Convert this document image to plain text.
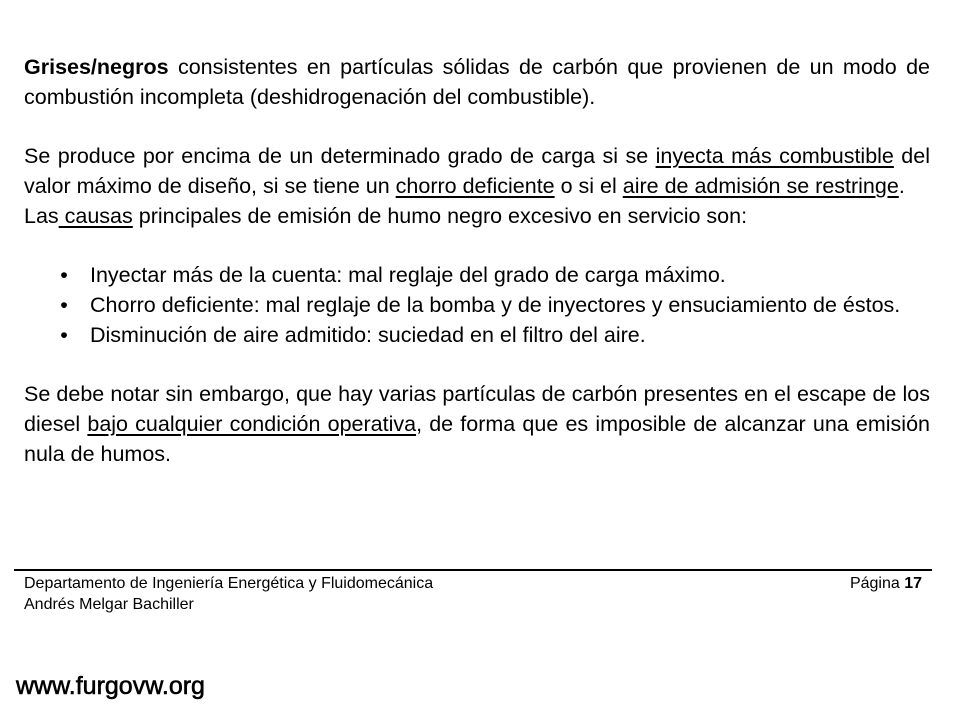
Grises/negros consistentes en partículas sólidas de carbón que provienen de un modo de combustión incompleta (deshidrogenación del combustible).

Se produce por encima de un determinado grado de carga si se inyecta más combustible del valor máximo de diseño, si se tiene un chorro deficiente o si el aire de admisión se restringe.

Las causas principales de emisión de humo negro excesivo en servicio son:

• Inyectar más de la cuenta: mal reglaje del grado de carga máximo.
• Chorro deficiente: mal reglaje de la bomba y de inyectores y ensuciamiento de éstos.
• Disminución de aire admitido: suciedad en el filtro del aire.

Se debe notar sin embargo, que hay varias partículas de carbón presentes en el escape de los diesel bajo cualquier condición operativa, de forma que es imposible de alcanzar una emisión nula de humos.

Departamento de Ingeniería Energética y Fluidomecánica
Andrés Melgar Bachiller
Página 17
www.furgovw.org
